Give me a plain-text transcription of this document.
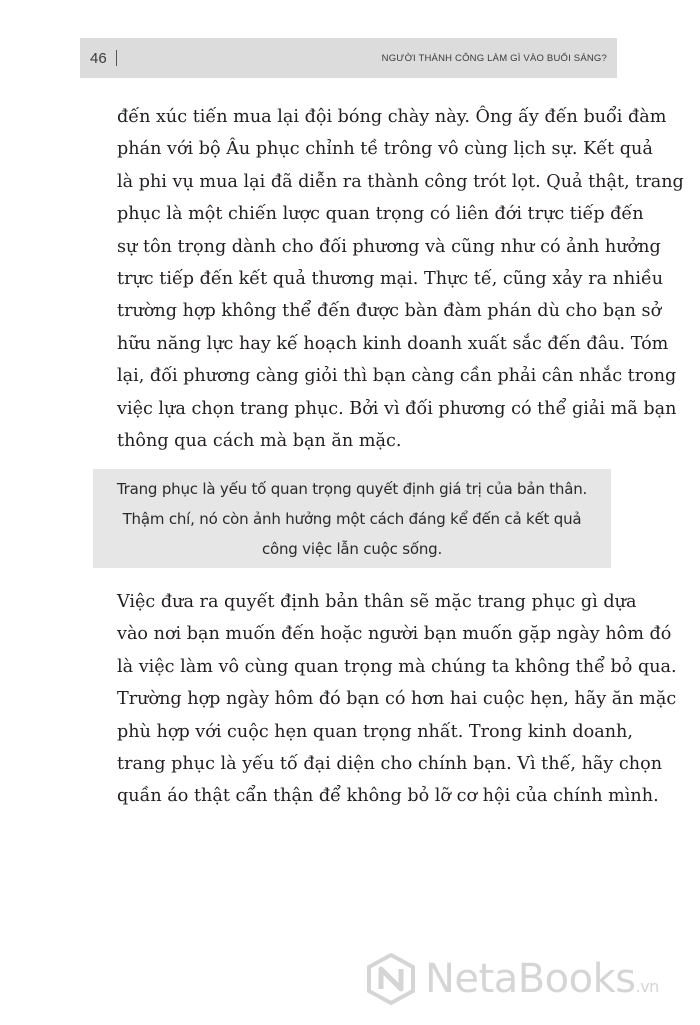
46	NGƯỜI THÀNH CÔNG LÀM GÌ VÀO BUỔI SÁNG?
đến xúc tiến mua lại đội bóng chày này. Ông ấy đến buổi đàm
phán với bộ Âu phục chỉnh tề trông vô cùng lịch sự. Kết quả
là phi vụ mua lại đã diễn ra thành công trót lọt. Quả thật, trang
phục là một chiến lược quan trọng có liên đới trực tiếp đến
sự tôn trọng dành cho đối phương và cũng như có ảnh hưởng
trực tiếp đến kết quả thương mại. Thực tế, cũng xảy ra nhiều
trường hợp không thể đến được bàn đàm phán dù cho bạn sở
hữu năng lực hay kế hoạch kinh doanh xuất sắc đến đâu. Tóm
lại, đối phương càng giỏi thì bạn càng cần phải cân nhắc trong
việc lựa chọn trang phục. Bởi vì đối phương có thể giải mã bạn
thông qua cách mà bạn ăn mặc.
Trang phục là yếu tố quan trọng quyết định giá trị của bản thân.
Thậm chí, nó còn ảnh hưởng một cách đáng kể đến cả kết quả
công việc lẫn cuộc sống.
Việc đưa ra quyết định bản thân sẽ mặc trang phục gì dựa
vào nơi bạn muốn đến hoặc người bạn muốn gặp ngày hôm đó
là việc làm vô cùng quan trọng mà chúng ta không thể bỏ qua.
Trường hợp ngày hôm đó bạn có hơn hai cuộc hẹn, hãy ăn mặc
phù hợp với cuộc hẹn quan trọng nhất. Trong kinh doanh,
trang phục là yếu tố đại diện cho chính bạn. Vì thế, hãy chọn
quần áo thật cẩn thận để không bỏ lỡ cơ hội của chính mình.
NetaBooks.vn
